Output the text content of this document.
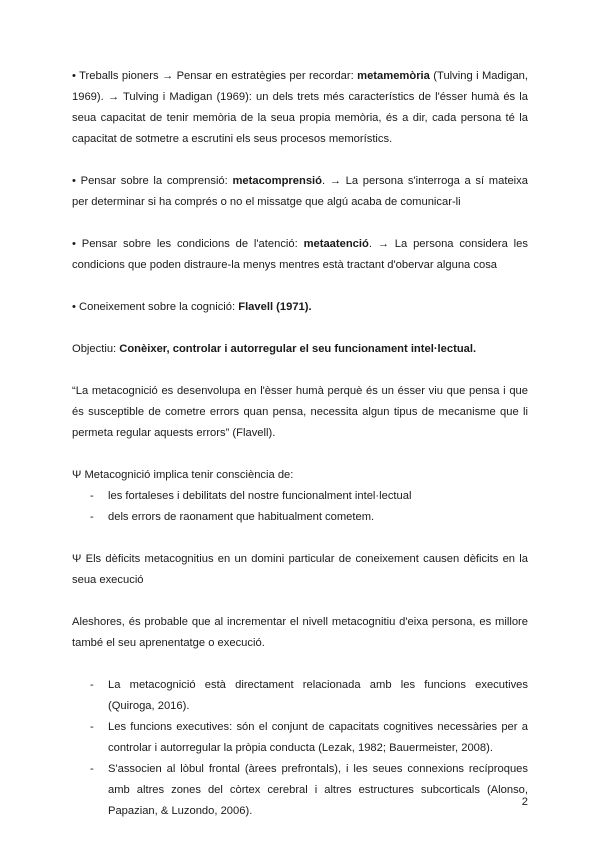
• Treballs pioners → Pensar en estratègies per recordar: metamemòria (Tulving i Madigan, 1969). → Tulving i Madigan (1969): un dels trets més característics de l'ésser humà és la seua capacitat de tenir memòria de la seua propia memòria, és a dir, cada persona té la capacitat de sotmetre a escrutini els seus procesos memorístics.

• Pensar sobre la comprensió: metacomprensió. → La persona s'interroga a sí mateixa per determinar si ha comprés o no el missatge que algú acaba de comunicar-li

• Pensar sobre les condicions de l'atenció: metaatenció. → La persona considera les condicions que poden distraure-la menys mentres està tractant d'obervar alguna cosa

• Coneixement sobre la cognició: Flavell (1971).

Objectiu: Conèixer, controlar i autorregular el seu funcionament intel·lectual.

“La metacognició es desenvolupa en l'èsser humà perquè és un ésser viu que pensa i que és susceptible de cometre errors quan pensa, necessita algun tipus de mecanisme que li permeta regular aquests errors” (Flavell).

Ψ Metacognició implica tenir consciència de:

- les fortaleses i debilitats del nostre funcionalment intel·lectual
- dels errors de raonament que habitualment cometem.

Ψ Els dèficits metacognitius en un domini particular de coneixement causen dèficits en la seua execució

Aleshores, és probable que al incrementar el nivell metacognitiu d'eixa persona, es millore també el seu aprenentatge o execució.

- La metacognició està directament relacionada amb les funcions executives (Quiroga, 2016).
- Les funcions executives: són el conjunt de capacitats cognitives necessàries per a controlar i autorregular la pròpia conducta (Lezak, 1982; Bauermeister, 2008).
- S'associen al lòbul frontal (àrees prefrontals), i les seues connexions recíproques amb altres zones del còrtex cerebral i altres estructures subcorticals (Alonso, Papazian, & Luzondo, 2006).
2
